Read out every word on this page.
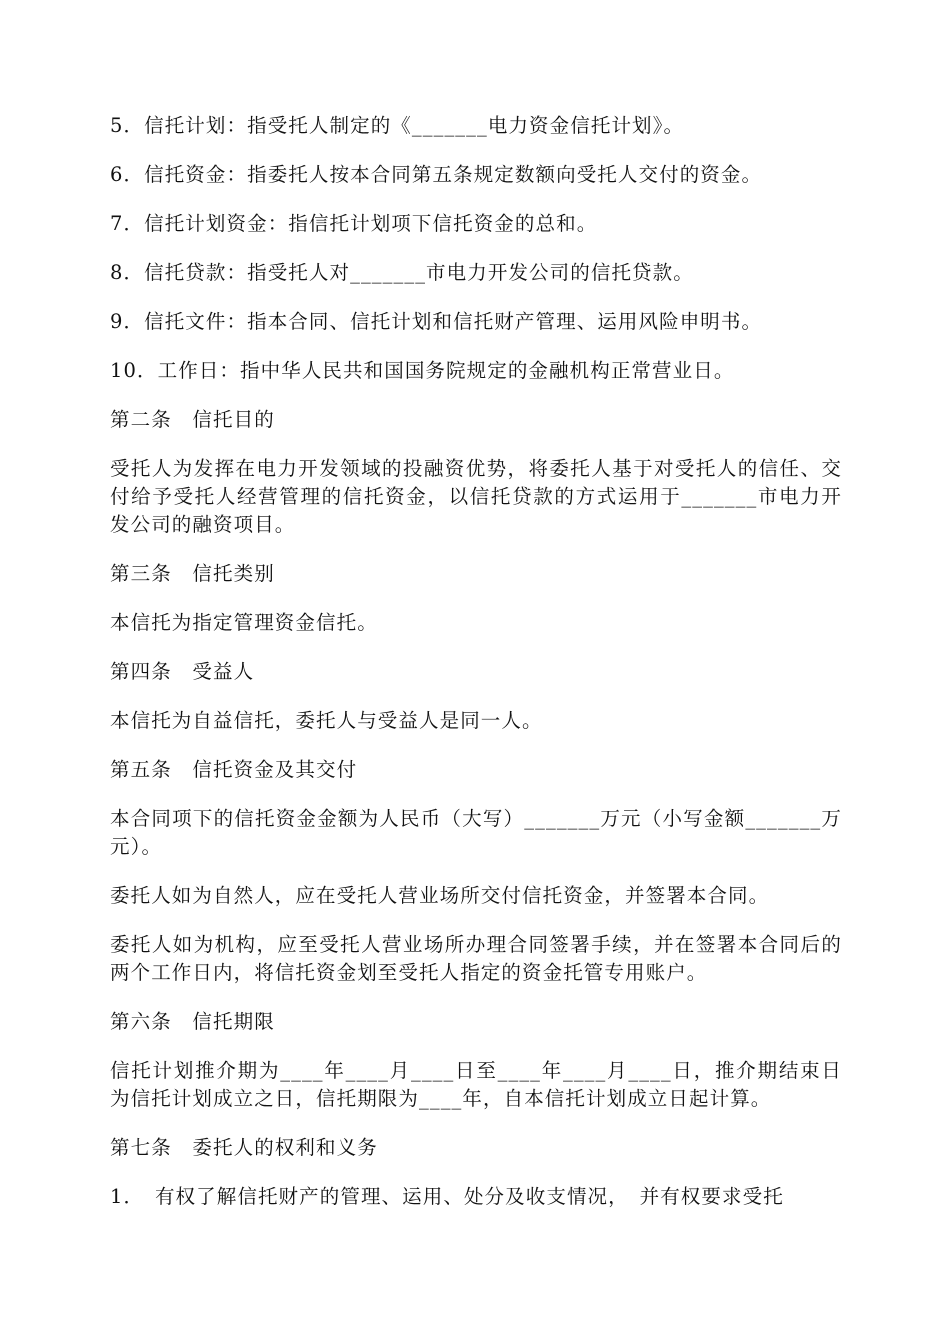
5．信托计划：指受托人制定的《_______电力资金信托计划》。

6．信托资金：指委托人按本合同第五条规定数额向受托人交付的资金。

7．信托计划资金：指信托计划项下信托资金的总和。

8．信托贷款：指受托人对_______市电力开发公司的信托贷款。

9．信托文件：指本合同、信托计划和信托财产管理、运用风险申明书。

10．工作日：指中华人民共和国国务院规定的金融机构正常营业日。

第二条　信托目的

受托人为发挥在电力开发领域的投融资优势，将委托人基于对受托人的信任、交付给予受托人经营管理的信托资金，以信托贷款的方式运用于_______市电力开发公司的融资项目。

第三条　信托类别

本信托为指定管理资金信托。

第四条　受益人

本信托为自益信托，委托人与受益人是同一人。

第五条　信托资金及其交付

本合同项下的信托资金金额为人民币（大写）_______万元（小写金额_______万元）。

委托人如为自然人，应在受托人营业场所交付信托资金，并签署本合同。

委托人如为机构，应至受托人营业场所办理合同签署手续，并在签署本合同后的两个工作日内，将信托资金划至受托人指定的资金托管专用账户。

第六条　信托期限

信托计划推介期为____年____月____日至____年____月____日，推介期结束日为信托计划成立之日，信托期限为____年，自本信托计划成立日起计算。

第七条　委托人的权利和义务

1．　有权了解信托财产的管理、运用、处分及收支情况，　并有权要求受托
